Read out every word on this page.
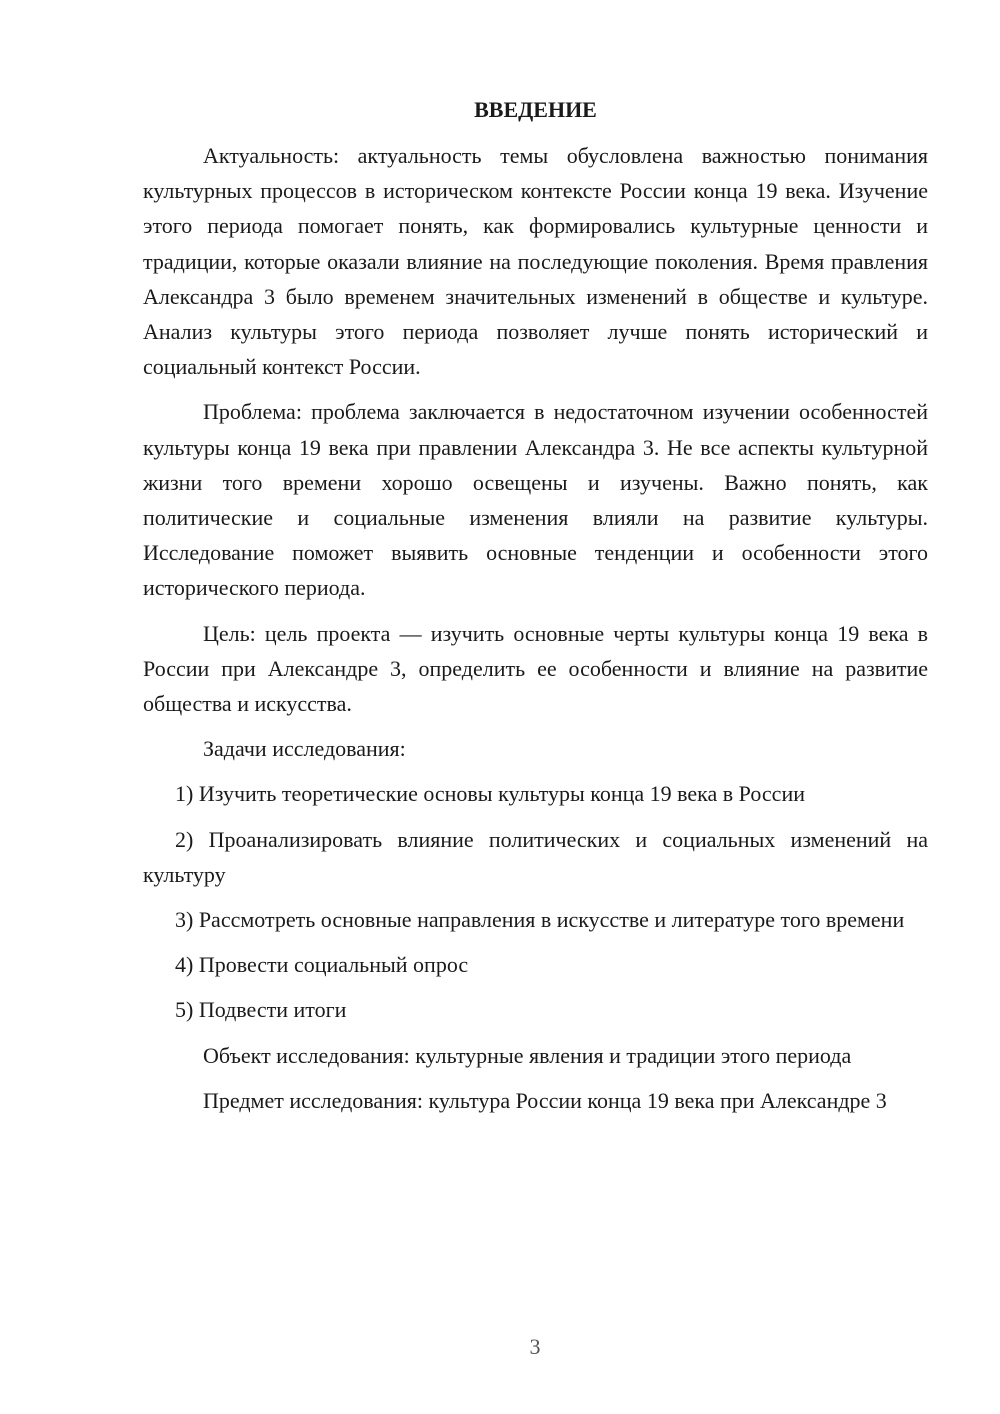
ВВЕДЕНИЕ

Актуальность: актуальность темы обусловлена важностью понимания культурных процессов в историческом контексте России конца 19 века. Изучение этого периода помогает понять, как формировались культурные ценности и традиции, которые оказали влияние на последующие поколения. Время правления Александра 3 было временем значительных изменений в обществе и культуре. Анализ культуры этого периода позволяет лучше понять исторический и социальный контекст России.

Проблема: проблема заключается в недостаточном изучении особенностей культуры конца 19 века при правлении Александра 3. Не все аспекты культурной жизни того времени хорошо освещены и изучены. Важно понять, как политические и социальные изменения влияли на развитие культуры. Исследование поможет выявить основные тенденции и особенности этого исторического периода.

Цель: цель проекта — изучить основные черты культуры конца 19 века в России при Александре 3, определить ее особенности и влияние на развитие общества и искусства.

Задачи исследования:

1) Изучить теоретические основы культуры конца 19 века в России

2) Проанализировать влияние политических и социальных изменений на культуру

3) Рассмотреть основные направления в искусстве и литературе того времени

4) Провести социальный опрос

5) Подвести итоги

Объект исследования: культурные явления и традиции этого периода

Предмет исследования: культура России конца 19 века при Александре 3

3
